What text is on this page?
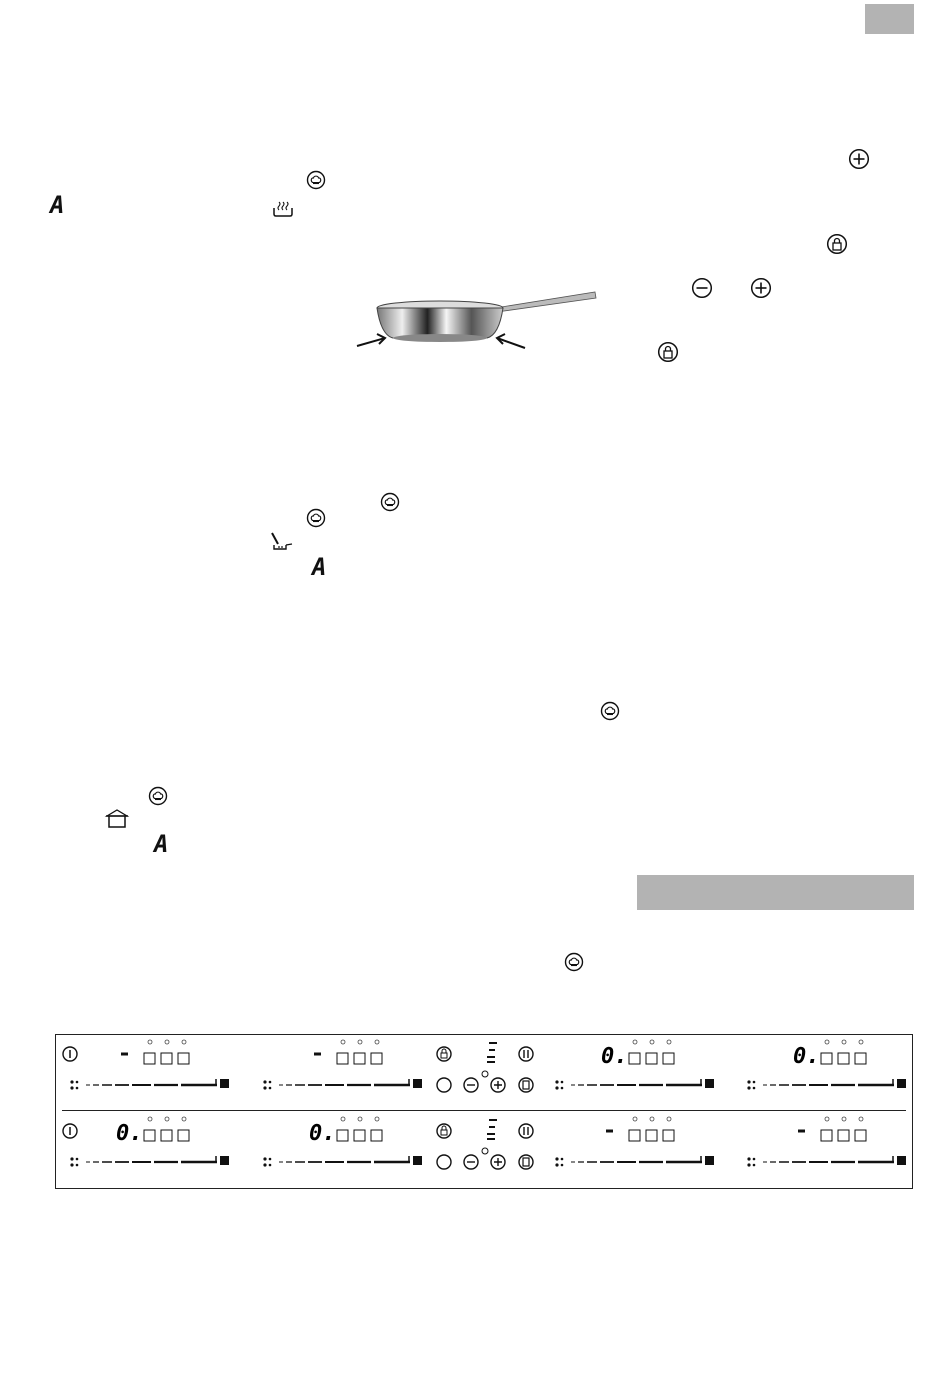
A
A
A
0.	0.
0.	0.
